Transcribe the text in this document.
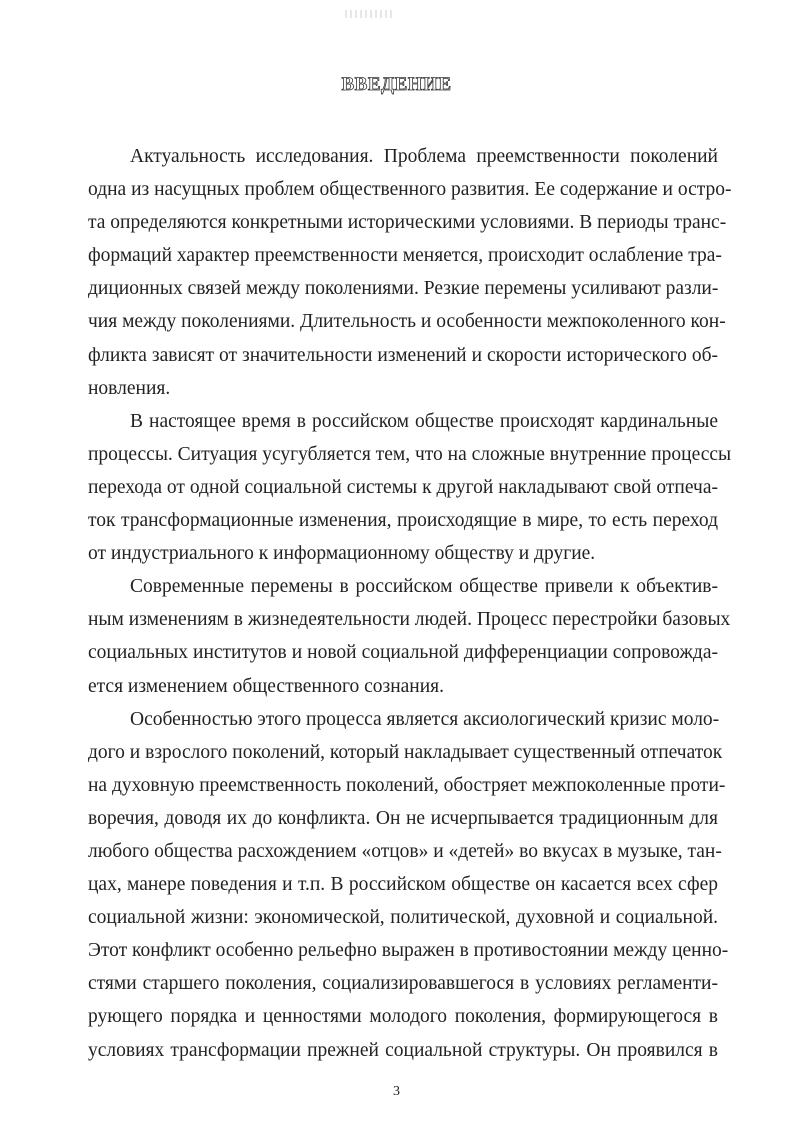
ВВЕДЕНИЕ
Актуальность исследования. Проблема преемственности поколений
одна из насущных проблем общественного развития. Ее содержание и остро-
та определяются конкретными историческими условиями. В периоды транс-
формаций характер преемственности меняется, происходит ослабление тра-
диционных связей между поколениями. Резкие перемены усиливают разли-
чия между поколениями. Длительность и особенности межпоколенного кон-
фликта зависят от значительности изменений и скорости исторического об-
новления.
В настоящее время в российском обществе происходят кардинальные
процессы. Ситуация усугубляется тем, что на сложные внутренние процессы
перехода от одной социальной системы к другой накладывают свой отпеча-
ток трансформационные изменения, происходящие в мире, то есть переход
от индустриального к информационному обществу и другие.
Современные перемены в российском обществе привели к объектив-
ным изменениям в жизнедеятельности людей. Процесс перестройки базовых
социальных институтов и новой социальной дифференциации сопровожда-
ется изменением общественного сознания.
Особенностью этого процесса является аксиологический кризис моло-
дого и взрослого поколений, который накладывает существенный отпечаток
на духовную преемственность поколений, обостряет межпоколенные проти-
воречия, доводя их до конфликта. Он не исчерпывается традиционным для
любого общества расхождением «отцов» и «детей» во вкусах в музыке, тан-
цах, манере поведения и т.п. В российском обществе он касается всех сфер
социальной жизни: экономической, политической, духовной и социальной.
Этот конфликт особенно рельефно выражен в противостоянии между ценно-
стями старшего поколения, социализировавшегося в условиях регламенти-
рующего порядка и ценностями молодого поколения, формирующегося в
условиях трансформации прежней социальной структуры. Он проявился в
3
